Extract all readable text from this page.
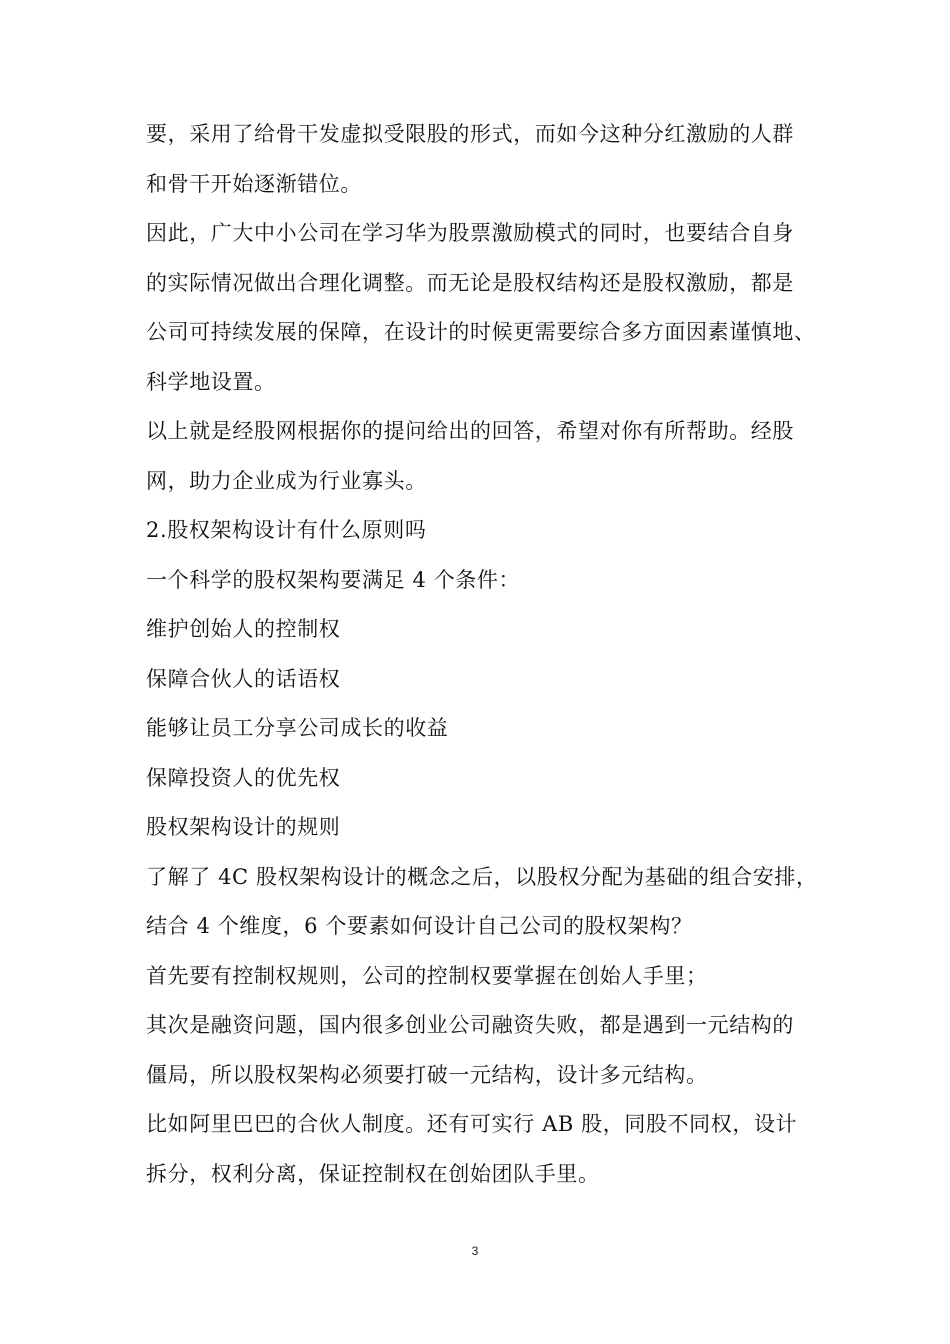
要，采用了给骨干发虚拟受限股的形式，而如今这种分红激励的人群
和骨干开始逐渐错位。
因此，广大中小公司在学习华为股票激励模式的同时，也要结合自身
的实际情况做出合理化调整。而无论是股权结构还是股权激励，都是
公司可持续发展的保障，在设计的时候更需要综合多方面因素谨慎地、
科学地设置。
以上就是经股网根据你的提问给出的回答，希望对你有所帮助。经股
网，助力企业成为行业寡头。
2.股权架构设计有什么原则吗
一个科学的股权架构要满足 4 个条件：
维护创始人的控制权
保障合伙人的话语权
能够让员工分享公司成长的收益
保障投资人的优先权
股权架构设计的规则
了解了 4C 股权架构设计的概念之后，以股权分配为基础的组合安排，
结合 4 个维度，6 个要素如何设计自己公司的股权架构？
首先要有控制权规则，公司的控制权要掌握在创始人手里；
其次是融资问题，国内很多创业公司融资失败，都是遇到一元结构的
僵局，所以股权架构必须要打破一元结构，设计多元结构。
比如阿里巴巴的合伙人制度。还有可实行 AB 股，同股不同权，设计
拆分，权利分离，保证控制权在创始团队手里。
3
